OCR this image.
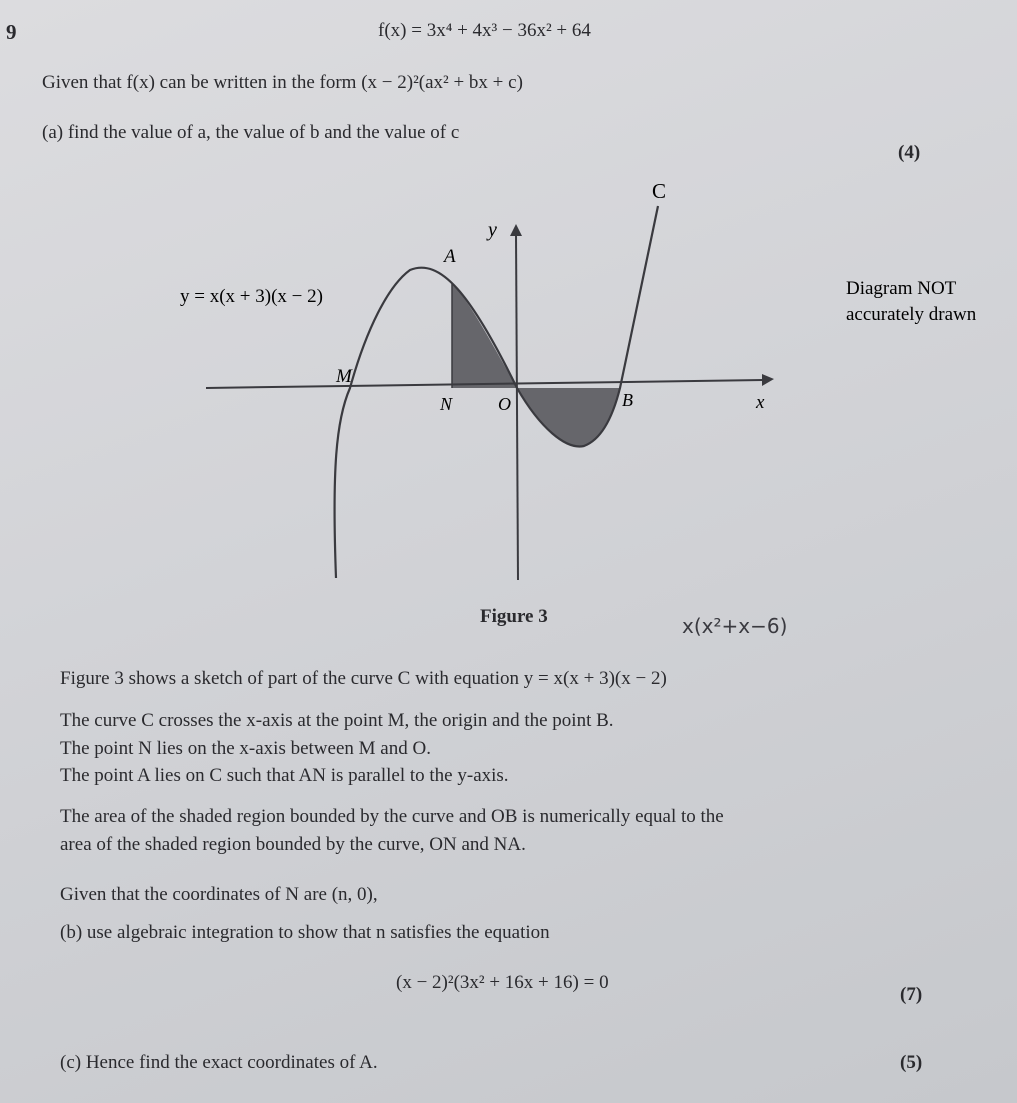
9	f(x) = 3x⁴ + 4x³ − 36x² + 64
Given that f(x) can be written in the form (x − 2)²(ax² + bx + c)
(a) find the value of a, the value of b and the value of c
(4)
C
y
A
y = x(x + 3)(x − 2)
M
N	O	B	x
Diagram NOT
accurately drawn
Figure 3	x(x²+x−6)
Figure 3 shows a sketch of part of the curve C with equation y = x(x + 3)(x − 2)
The curve C crosses the x-axis at the point M, the origin and the point B.
The point N lies on the x-axis between M and O.
The point A lies on C such that AN is parallel to the y-axis.
The area of the shaded region bounded by the curve and OB is numerically equal to the
area of the shaded region bounded by the curve, ON and NA.
Given that the coordinates of N are (n, 0),
(b) use algebraic integration to show that n satisfies the equation
(x − 2)²(3x² + 16x + 16) = 0
(7)
(c) Hence find the exact coordinates of A.	(5)
